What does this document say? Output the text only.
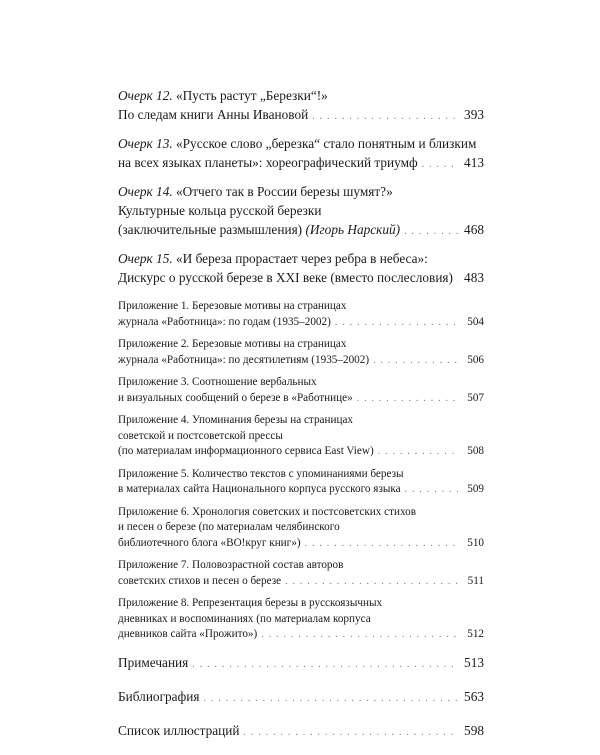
Очерк 12. «Пусть растут „Березки“!»
По следам книги Анны Ивановой . . .	393
Очерк 13. «Русское слово „березка“ стало понятным и близким
на всех языках планеты»: хореографический триумф . . .	413
Очерк 14. «Отчего так в России березы шумят?»
Культурные кольца русской березки
(заключительные размышления) (Игорь Нарский) . . .	468
Очерк 15. «И береза прорастает через ребра в небеса»:
Дискурс о русской березе в XXI веке (вместо послесловия) . . . 483
Приложение 1. Березовые мотивы на страницах
журнала «Работница»: по годам (1935–2002) . . .	504
Приложение 2. Березовые мотивы на страницах
журнала «Работница»: по десятилетиям (1935–2002) . . .	506
Приложение 3. Соотношение вербальных
и визуальных сообщений о березе в «Работнице» . . .	507
Приложение 4. Упоминания березы на страницах
советской и постсоветской прессы
(по материалам информационного сервиса East View) . . .	508
Приложение 5. Количество текстов с упоминаниями березы
в материалах сайта Национального корпуса русского языка . . .	509
Приложение 6. Хронология советских и постсоветских стихов
и песен о березе (по материалам челябинского
библиотечного блога «ВО!круг книг») . . .	510
Приложение 7. Половозрастной состав авторов
советских стихов и песен о березе . . .	511
Приложение 8. Репрезентация березы в русскоязычных
дневниках и воспоминаниях (по материалам корпуса
дневников сайта «Прожито») . . .	512
Примечания . . .	513
Библиография . . .	563
Список иллюстраций . . .	598
